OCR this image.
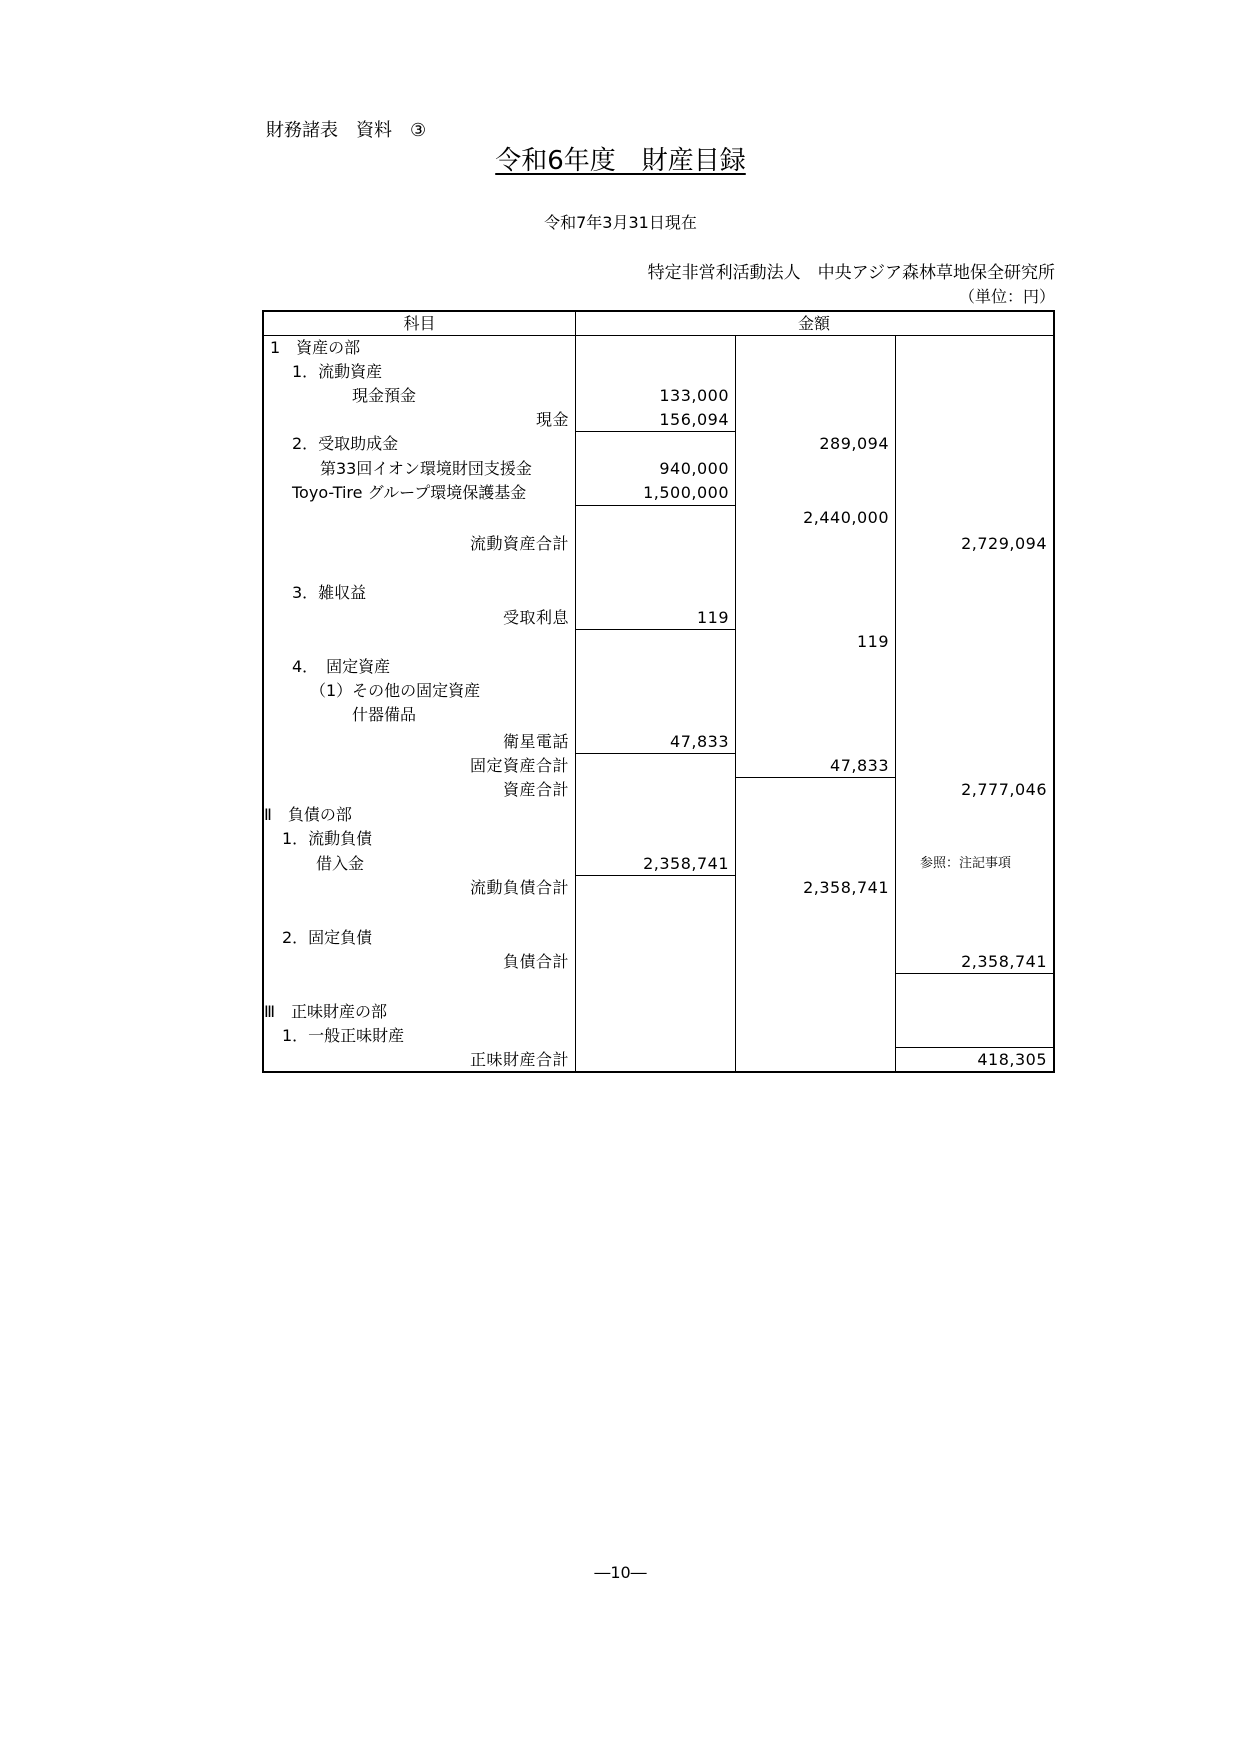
財務諸表　資料　③
令和6年度　財産目録
令和7年3月31日現在
特定非営利活動法人　中央アジア森林草地保全研究所
（単位：円）
科目	金額
1　資産の部
1．流動資産
現金預金	133,000
現金	156,094
2．受取助成金	289,094
第33回イオン環境財団支援金	940,000
Toyo-Tire グループ環境保護基金	1,500,000
2,440,000
流動資産合計	2,729,094
3．雑収益
受取利息	119
119
4．　固定資産
（1）その他の固定資産
什器備品
衛星電話	47,833
固定資産合計	47,833
資産合計	2,777,046
Ⅱ　負債の部
1．流動負債
借入金	2,358,741	参照：注記事項
流動負債合計	2,358,741
2．固定負債
負債合計	2,358,741
Ⅲ　正味財産の部
1．一般正味財産
正味財産合計	418,305
―10―
